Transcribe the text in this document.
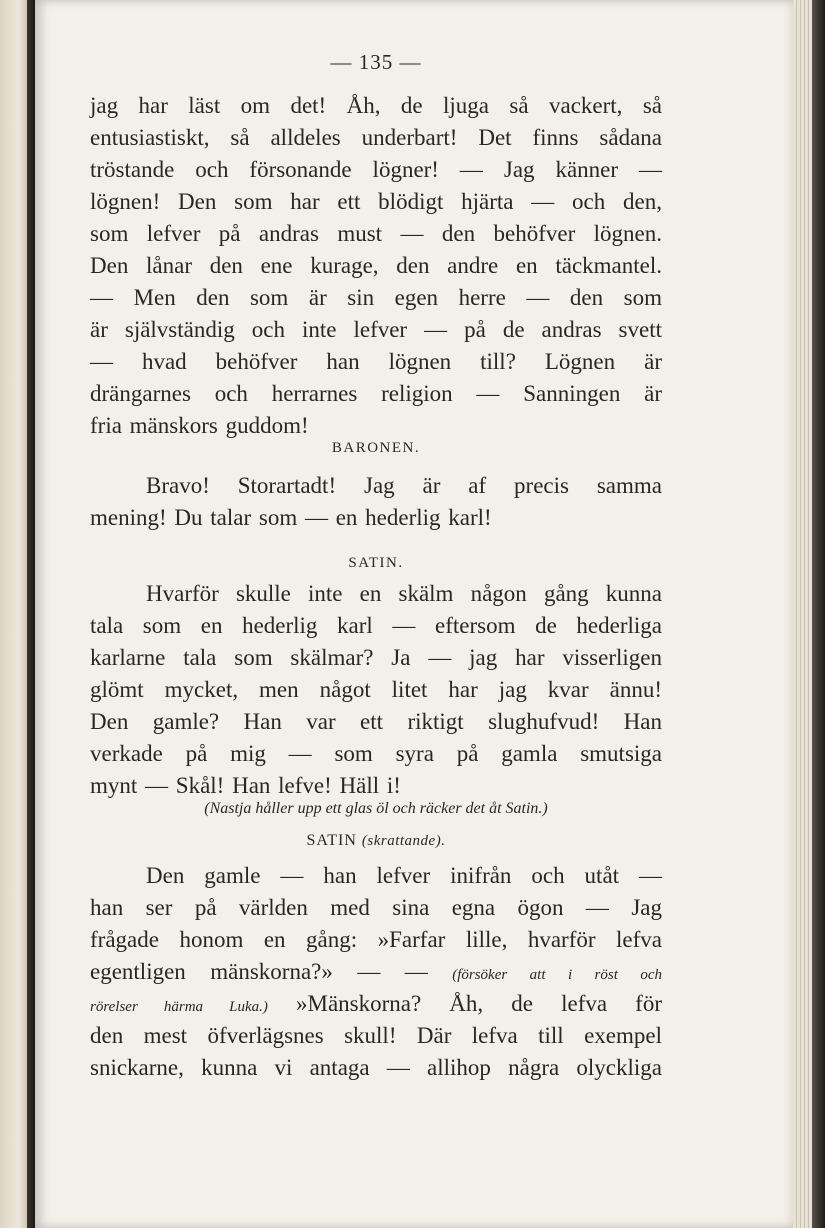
— 135 —
jag har läst om det! Åh, de ljuga så vackert, så
entusiastiskt, så alldeles underbart! Det finns sådana
tröstande och försonande lögner! — Jag känner —
lögnen! Den som har ett blödigt hjärta — och den,
som lefver på andras must — den behöfver lögnen.
Den lånar den ene kurage, den andre en täckmantel.
— Men den som är sin egen herre — den som
är självständig och inte lefver — på de andras svett
— hvad behöfver han lögnen till? Lögnen är
drängarnes och herrarnes religion — Sanningen är
fria mänskors guddom!
BARONEN.
Bravo! Storartadt! Jag är af precis samma
mening! Du talar som — en hederlig karl!
SATIN.
Hvarför skulle inte en skälm någon gång kunna
tala som en hederlig karl — eftersom de hederliga
karlarne tala som skälmar? Ja — jag har visserligen
glömt mycket, men något litet har jag kvar ännu!
Den gamle? Han var ett riktigt slughufvud! Han
verkade på mig — som syra på gamla smutsiga
mynt — Skål! Han lefve! Häll i!
(Nastja håller upp ett glas öl och räcker det åt Satin.)
SATIN (skrattande).
Den gamle — han lefver inifrån och utåt —
han ser på världen med sina egna ögon — Jag
frågade honom en gång: »Farfar lille, hvarför lefva
egentligen mänskorna?» — — (försöker att i röst och
rörelser härma Luka.) »Mänskorna? Åh, de lefva för
den mest öfverlägsnes skull! Där lefva till exempel
snickarne, kunna vi antaga — allihop några olyckliga
